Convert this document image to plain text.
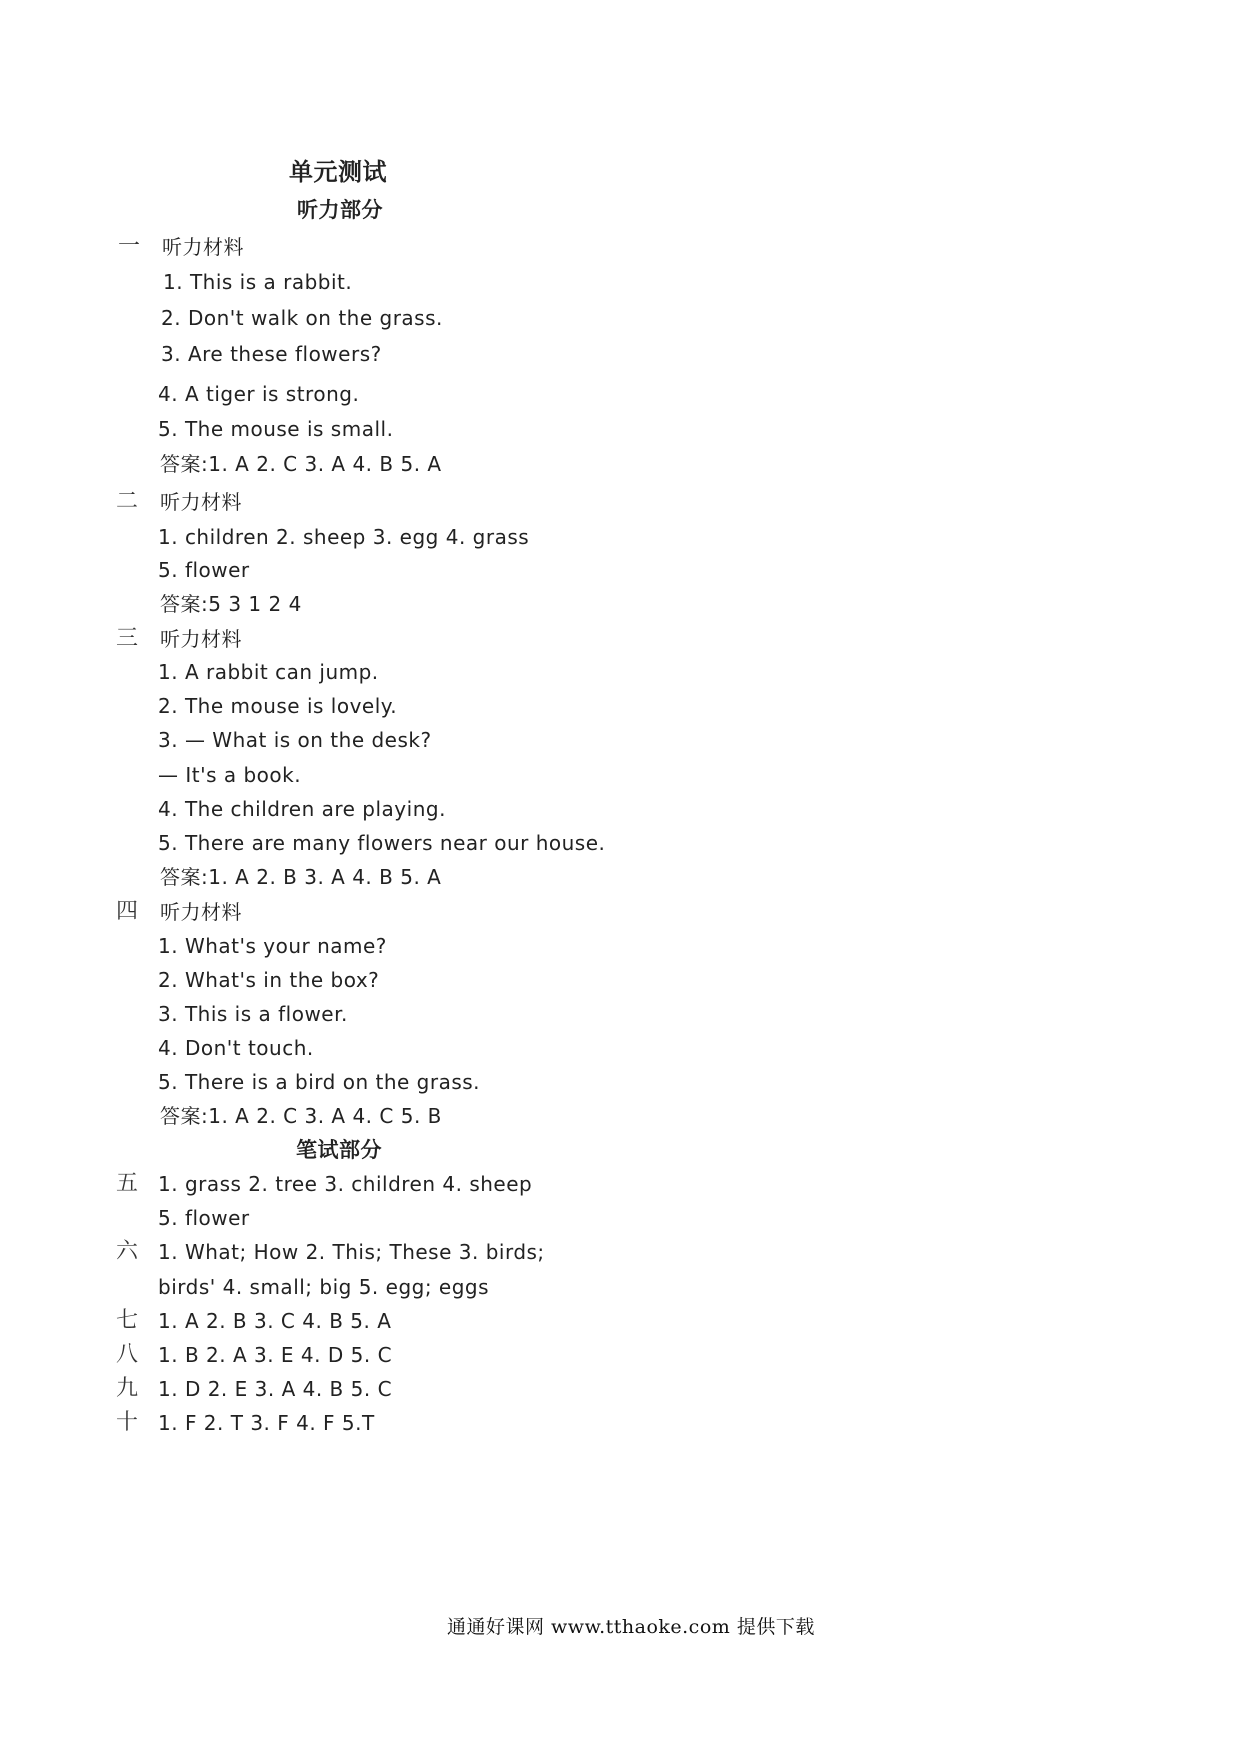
单元测试
听力部分
一 听力材料
1. This is a rabbit.
2. Don't walk on the grass.
3. Are these flowers?
4. A tiger is strong.
5. The mouse is small.
答案:1. A 2. C 3. A 4. B 5. A
二 听力材料
1. children 2. sheep 3. egg 4. grass
5. flower
答案:5 3 1 2 4
三 听力材料
1. A rabbit can jump.
2. The mouse is lovely.
3. — What is on the desk?
— It's a book.
4. The children are playing.
5. There are many flowers near our house.
答案:1. A 2. B 3. A 4. B 5. A
四 听力材料
1. What's your name?
2. What's in the box?
3. This is a flower.
4. Don't touch.
5. There is a bird on the grass.
答案:1. A 2. C 3. A 4. C 5. B
笔试部分
五 1. grass 2. tree 3. children 4. sheep
5. flower
六 1. What; How 2. This; These 3. birds;
birds' 4. small; big 5. egg; eggs
七 1. A 2. B 3. C 4. B 5. A
八 1. B 2. A 3. E 4. D 5. C
九 1. D 2. E 3. A 4. B 5. C
十 1. F 2. T 3. F 4. F 5.T
通通好课网 www.tthaoke.com 提供下载
